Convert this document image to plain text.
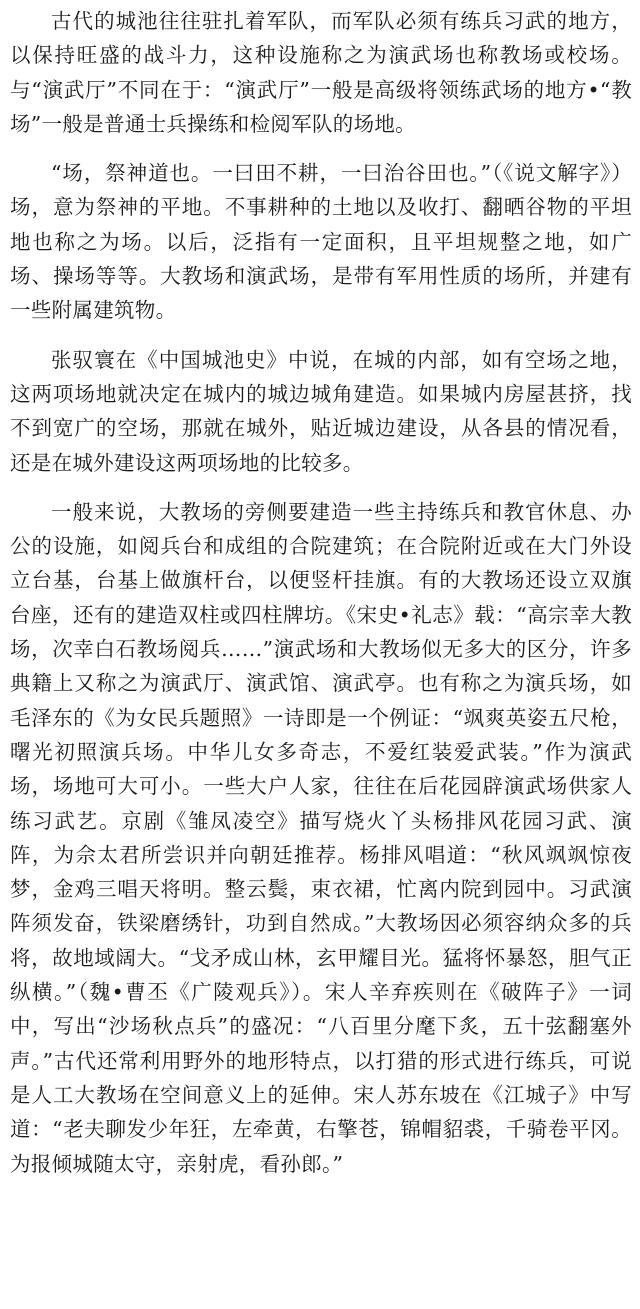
古代的城池往往驻扎着军队，而军队必须有练兵习武的地方，以保持旺盛的战斗力，这种设施称之为演武场也称教场或校场。与“演武厅”不同在于：“演武厅”一般是高级将领练武场的地方•“教场”一般是普通士兵操练和检阅军队的场地。

“场，祭神道也。一曰田不耕，一曰治谷田也。”（《说文解字》）场，意为祭神的平地。不事耕种的土地以及收打、翻晒谷物的平坦地也称之为场。以后，泛指有一定面积，且平坦规整之地，如广场、操场等等。大教场和演武场，是带有军用性质的场所，并建有一些附属建筑物。

张驭寰在《中国城池史》中说，在城的内部，如有空场之地，这两项场地就决定在城内的城边城角建造。如果城内房屋甚挤，找不到宽广的空场，那就在城外，贴近城边建设，从各县的情况看，还是在城外建设这两项场地的比较多。

一般来说，大教场的旁侧要建造一些主持练兵和教官休息、办公的设施，如阅兵台和成组的合院建筑；在合院附近或在大门外设立台基，台基上做旗杆台，以便竖杆挂旗。有的大教场还设立双旗台座，还有的建造双柱或四柱牌坊。《宋史•礼志》载：“高宗幸大教场，次幸白石教场阅兵……”演武场和大教场似无多大的区分，许多典籍上又称之为演武厅、演武馆、演武亭。也有称之为演兵场，如毛泽东的《为女民兵题照》一诗即是一个例证：“飒爽英姿五尺枪，曙光初照演兵场。中华儿女多奇志，不爱红装爱武装。”作为演武场，场地可大可小。一些大户人家，往往在后花园辟演武场供家人练习武艺。京剧《雏凤凌空》描写烧火丫头杨排风花园习武、演阵，为佘太君所尝识并向朝廷推荐。杨排风唱道：“秋风飒飒惊夜梦，金鸡三唱天将明。整云鬓，束衣裙，忙离内院到园中。习武演阵须发奋，铁梁磨绣针，功到自然成。”大教场因必须容纳众多的兵将，故地域阔大。“戈矛成山林，玄甲耀目光。猛将怀暴怒，胆气正纵横。”（魏•曹丕《广陵观兵》）。宋人辛弃疾则在《破阵子》一词中，写出“沙场秋点兵”的盛况：“八百里分麾下炙，五十弦翻塞外声。”古代还常利用野外的地形特点，以打猎的形式进行练兵，可说是人工大教场在空间意义上的延伸。宋人苏东坡在《江城子》中写道：“老夫聊发少年狂，左牵黄，右擎苍，锦帽貂裘，千骑卷平冈。为报倾城随太守，亲射虎，看孙郎。”
